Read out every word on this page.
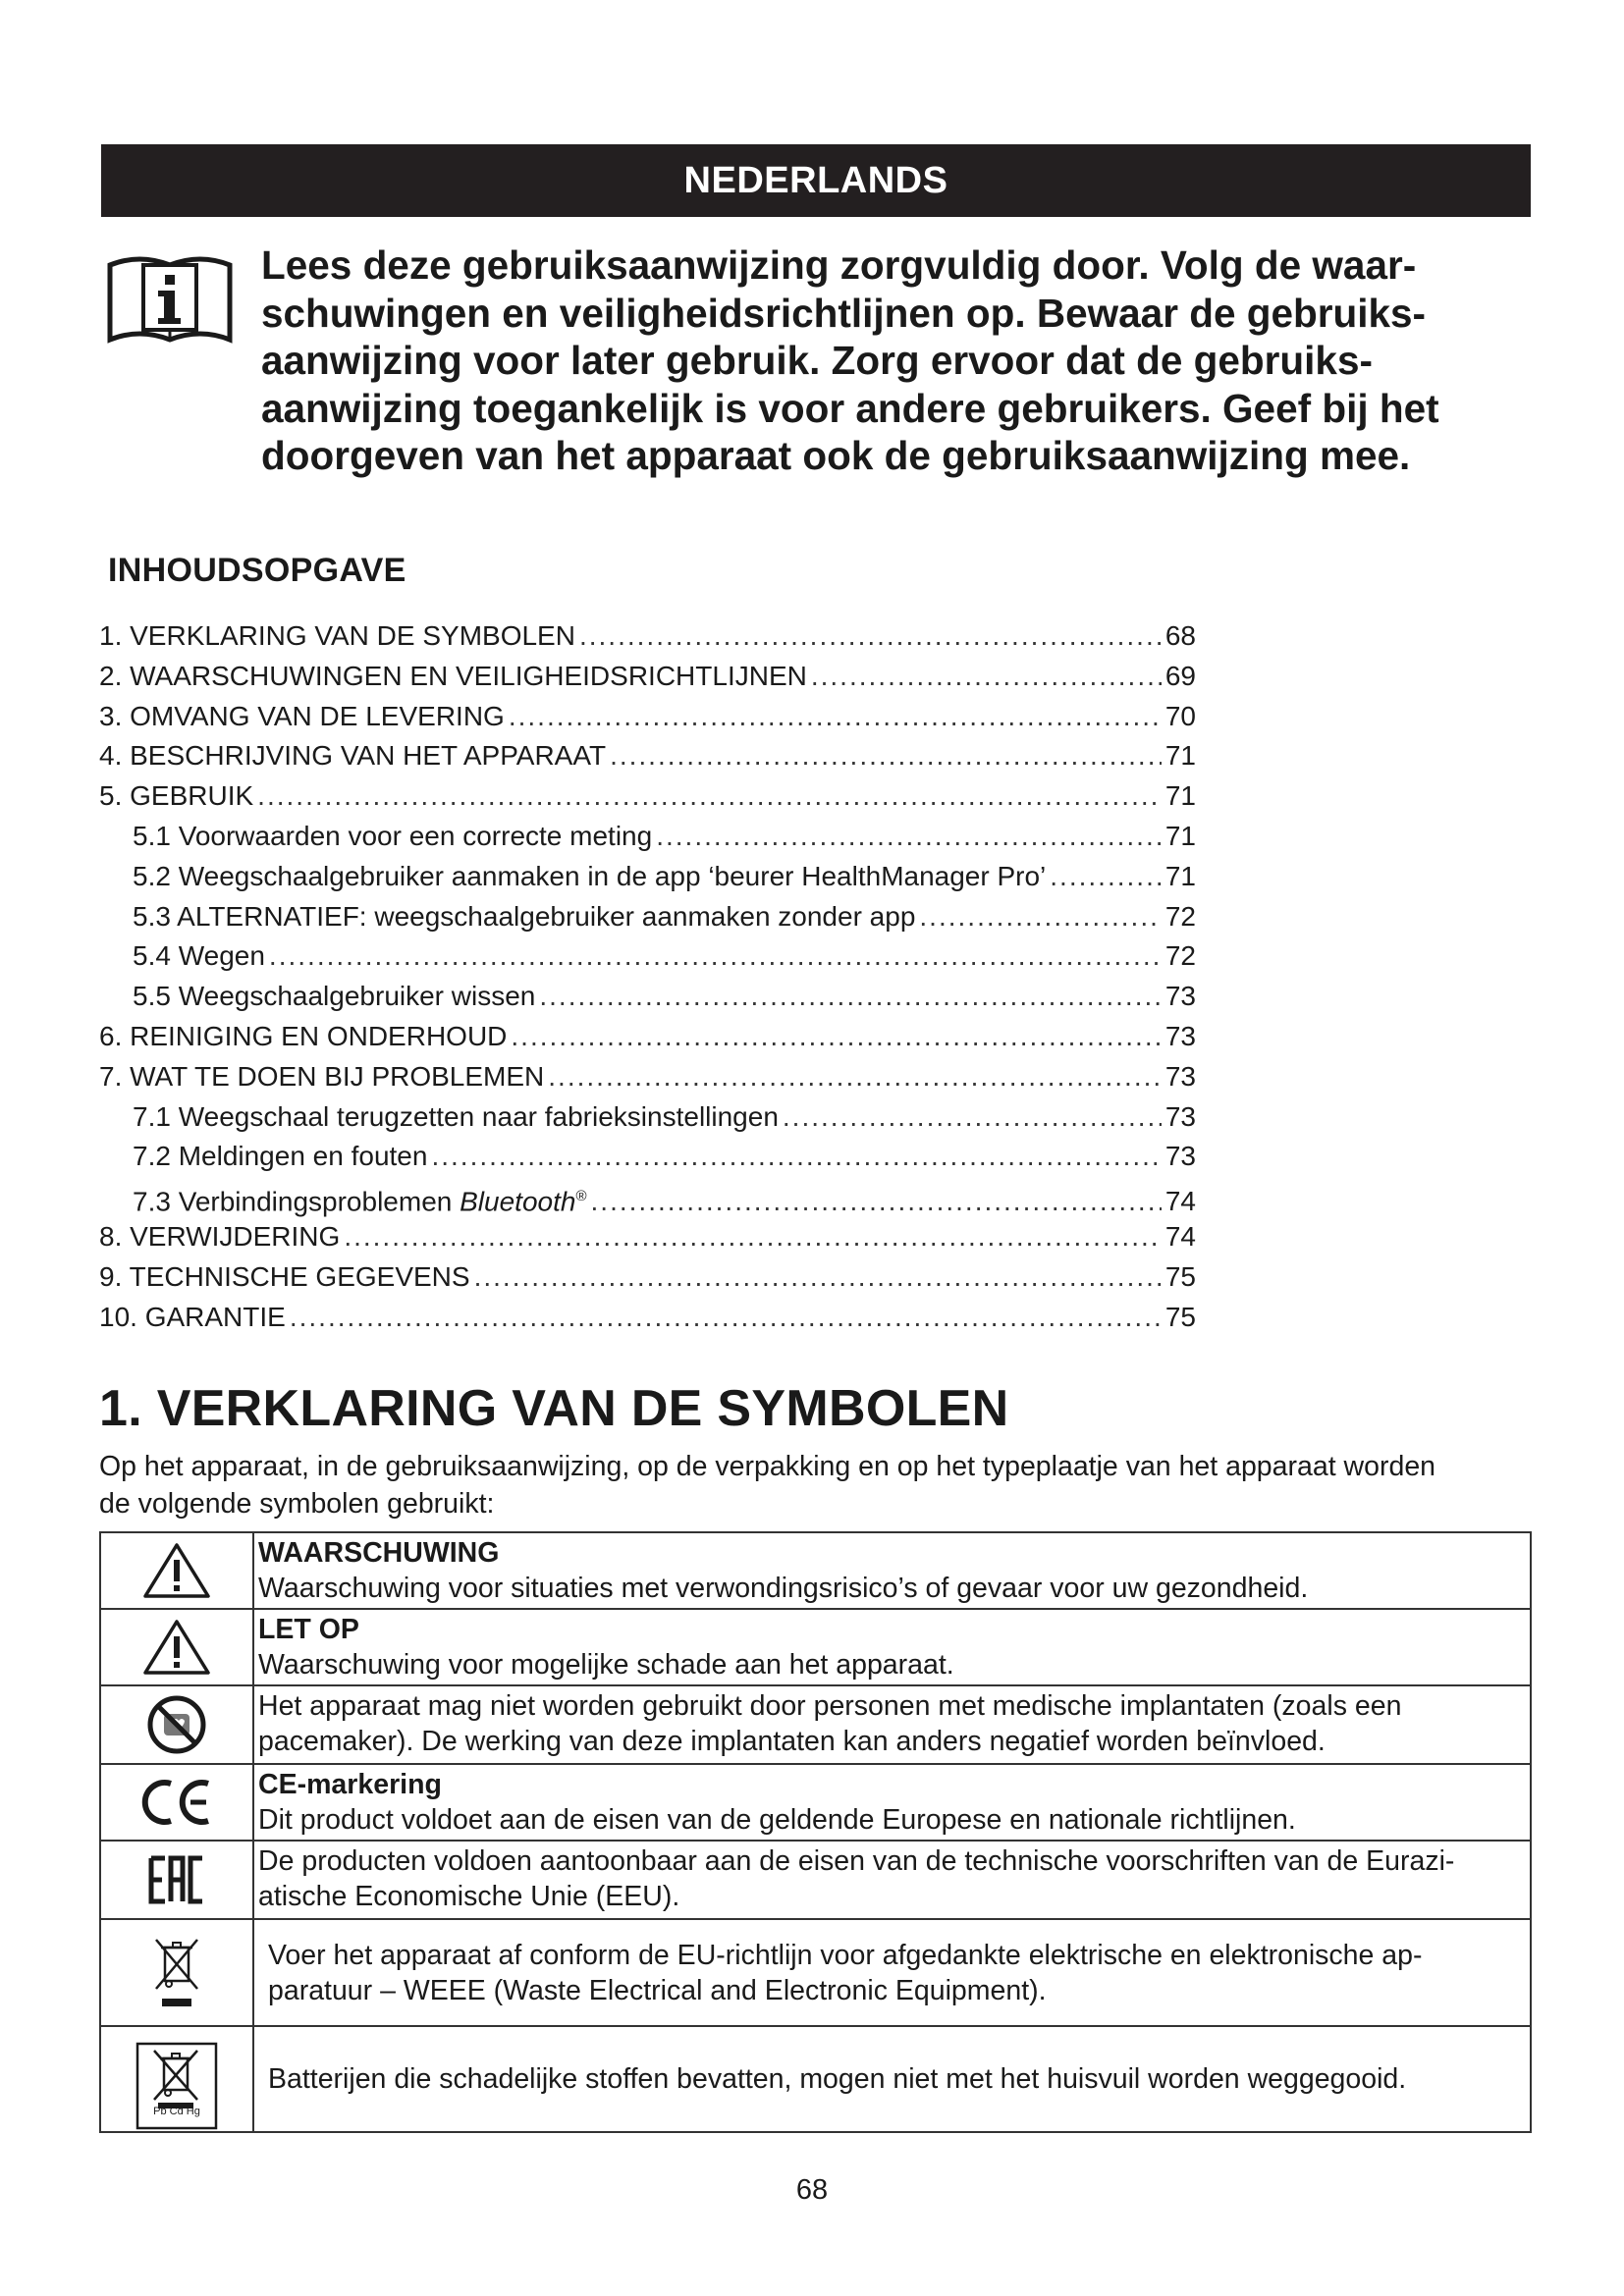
NEDERLANDS

Lees deze gebruiksaanwijzing zorgvuldig door. Volg de waar-
schuwingen en veiligheidsrichtlijnen op. Bewaar de gebruiks-
aanwijzing voor later gebruik. Zorg ervoor dat de gebruiks-
aanwijzing toegankelijk is voor andere gebruikers. Geef bij het
doorgeven van het apparaat ook de gebruiksaanwijzing mee.

INHOUDSOPGAVE
1. VERKLARING VAN DE SYMBOLEN .....	68
2. WAARSCHUWINGEN EN VEILIGHEIDSRICHTLIJNEN .....	69
3. OMVANG VAN DE LEVERING .....	70
4. BESCHRIJVING VAN HET APPARAAT .....	71
5. GEBRUIK .....	71
5.1 Voorwaarden voor een correcte meting .....	71
5.2 Weegschaalgebruiker aanmaken in de app ‘beurer HealthManager Pro’ .....	71
5.3 ALTERNATIEF: weegschaalgebruiker aanmaken zonder app .....	72
5.4 Wegen .....	72
5.5 Weegschaalgebruiker wissen .....	73
6. REINIGING EN ONDERHOUD .....	73
7. WAT TE DOEN BIJ PROBLEMEN .....	73
7.1 Weegschaal terugzetten naar fabrieksinstellingen .....	73
7.2 Meldingen en fouten .....	73
7.3 Verbindingsproblemen Bluetooth® .....	74
8. VERWIJDERING .....	74
9. TECHNISCHE GEGEVENS .....	75
10. GARANTIE .....	75
1. VERKLARING VAN DE SYMBOLEN

Op het apparaat, in de gebruiksaanwijzing, op de verpakking en op het typeplaatje van het apparaat worden
de volgende symbolen gebruikt:

WAARSCHUWING
Waarschuwing voor situaties met verwondingsrisico’s of gevaar voor uw gezondheid.

LET OP
Waarschuwing voor mogelijke schade aan het apparaat.

Het apparaat mag niet worden gebruikt door personen met medische implantaten (zoals een
pacemaker). De werking van deze implantaten kan anders negatief worden beïnvloed.

CE-markering
Dit product voldoet aan de eisen van de geldende Europese en nationale richtlijnen.

De producten voldoen aantoonbaar aan de eisen van de technische voorschriften van de Eurazi-
atische Economische Unie (EEU).

Voer het apparaat af conform de EU-richtlijn voor afgedankte elektrische en elektronische ap-
paratuur – WEEE (Waste Electrical and Electronic Equipment).

Pb Cd Hg	Batterijen die schadelijke stoffen bevatten, mogen niet met het huisvuil worden weggegooid.
68
